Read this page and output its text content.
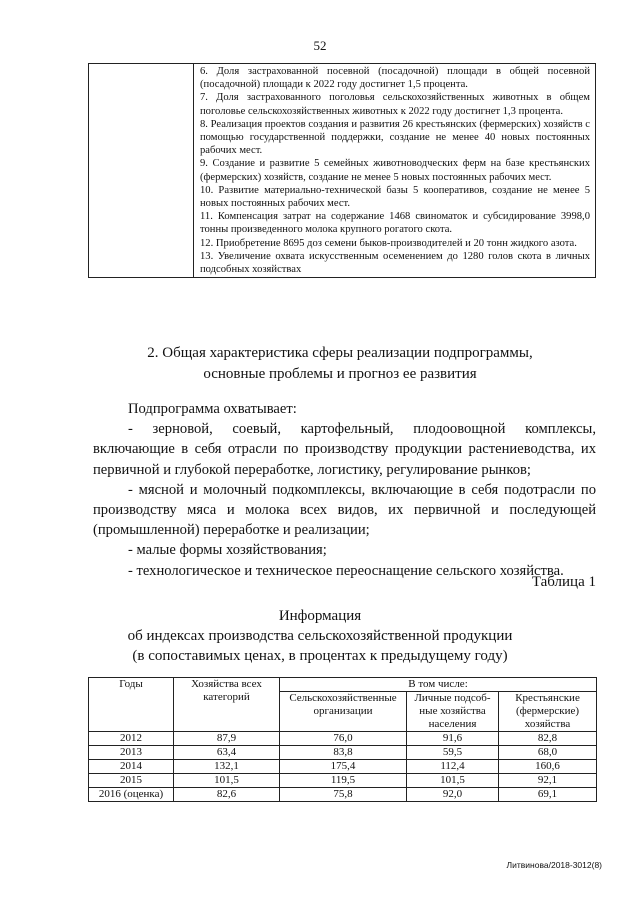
52

6. Доля застрахованной посевной (посадочной) площади в общей посевной (посадочной) площади к 2022 году достигнет 1,5 процента.

7. Доля застрахованного поголовья сельскохозяйственных животных в общем поголовье сельскохозяйственных животных к 2022 году достигнет 1,3 процента.

8. Реализация проектов создания и развития 26 крестьянских (фермерских) хозяйств с помощью государственной поддержки, создание не менее 40 новых постоянных рабочих мест.

9. Создание и развитие 5 семейных животноводческих ферм на базе крестьянских (фермерских) хозяйств, создание не менее 5 новых постоянных рабочих мест.

10. Развитие материально-технической базы 5 кооперативов, создание не менее 5 новых постоянных рабочих мест.

11. Компенсация затрат на содержание 1468 свиноматок и субсидирование 3998,0 тонны произведенного молока крупного рогатого скота.

12. Приобретение 8695 доз семени быков-производителей и 20 тонн жидкого азота.

13. Увеличение охвата искусственным осеменением до 1280 голов скота в личных подсобных хозяйствах

2. Общая характеристика сферы реализации подпрограммы,
основные проблемы и прогноз ее развития

Подпрограмма охватывает:

- зерновой, соевый, картофельный, плодоовощной комплексы, включающие в себя отрасли по производству продукции растениеводства, их первичной и глубокой переработке, логистику, регулирование рынков;

- мясной и молочный подкомплексы, включающие в себя подотрасли по производству мяса и молока всех видов, их первичной и последующей (промышленной) переработке и реализации;

- малые формы хозяйствования;

- технологическое и техническое переоснащение сельского хозяйства.

Таблица 1
Информация
об индексах производства сельскохозяйственной продукции
(в сопоставимых ценах, в процентах к предыдущему году)
Годы	Хозяйства всех категорий	В том числе:		
		Сельскохозяйственные организации	Личные подсоб-ные хозяйства населения	Крестьянские (фермерские) хозяйства
2012	87,9	76,0	91,6	82,8
2013	63,4	83,8	59,5	68,0
2014	132,1	175,4	112,4	160,6
2015	101,5	119,5	101,5	92,1
2016 (оценка)	82,6	75,8	92,0	69,1
Литвинова/2018-3012(8)
